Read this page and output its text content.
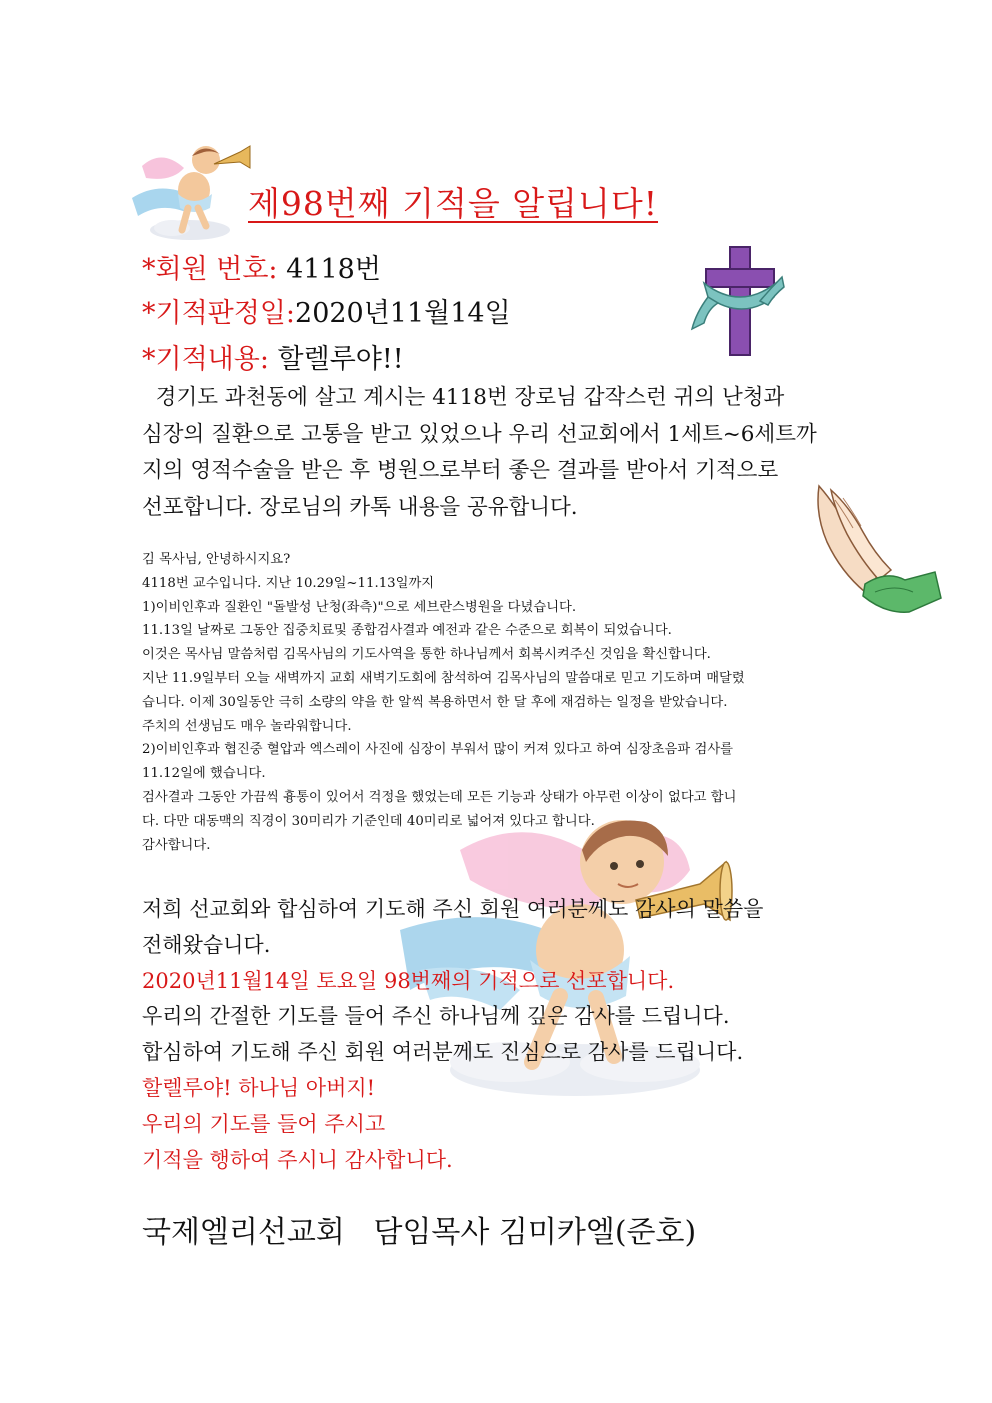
제98번째 기적을 알립니다!
*회원 번호: 4118번
*기적판정일:2020년11월14일
*기적내용: 할렐루야!!
경기도 과천동에 살고 계시는 4118번 장로님 갑작스런 귀의 난청과
심장의 질환으로 고통을 받고 있었으나 우리 선교회에서 1세트~6세트까
지의 영적수술을 받은 후 병원으로부터 좋은 결과를 받아서 기적으로
선포합니다. 장로님의 카톡 내용을 공유합니다.
김 목사님, 안녕하시지요?
4118번 교수입니다. 지난 10.29일~11.13일까지
1)이비인후과 질환인 "돌발성 난청(좌측)"으로 세브란스병원을 다녔습니다.
11.13일 날짜로 그동안 집중치료및 종합검사결과 예전과 같은 수준으로 회복이 되었습니다.
이것은 목사님 말씀처럼 김목사님의 기도사역을 통한 하나님께서 회복시켜주신 것임을 확신합니다.
지난 11.9일부터 오늘 새벽까지 교회 새벽기도회에 참석하여 김목사님의 말씀대로 믿고 기도하며 매달렸
습니다. 이제 30일동안 극히 소량의 약을 한 알씩 복용하면서 한 달 후에 재검하는 일정을 받았습니다.
주치의 선생님도 매우 놀라워합니다.
2)이비인후과 협진중 혈압과 엑스레이 사진에 심장이 부워서 많이 커져 있다고 하여 심장초음파 검사를
11.12일에 했습니다.
검사결과 그동안 가끔씩 흉통이 있어서 걱정을 했었는데 모든 기능과 상태가 아무런 이상이 없다고 합니
다. 다만 대동맥의 직경이 30미리가 기준인데 40미리로 넓어져 있다고 합니다.
감사합니다.
저희 선교회와 합심하여 기도해 주신 회원 여러분께도 감사의 말씀을
전해왔습니다.
2020년11월14일 토요일 98번째의 기적으로 선포합니다.
우리의 간절한 기도를 들어 주신 하나님께 깊은 감사를 드립니다.
합심하여 기도해 주신 회원 여러분께도 진심으로 감사를 드립니다.
할렐루야! 하나님 아버지!
우리의 기도를 들어 주시고
기적을 행하여 주시니 감사합니다.
국제엘리선교회   담임목사 김미카엘(준호)
